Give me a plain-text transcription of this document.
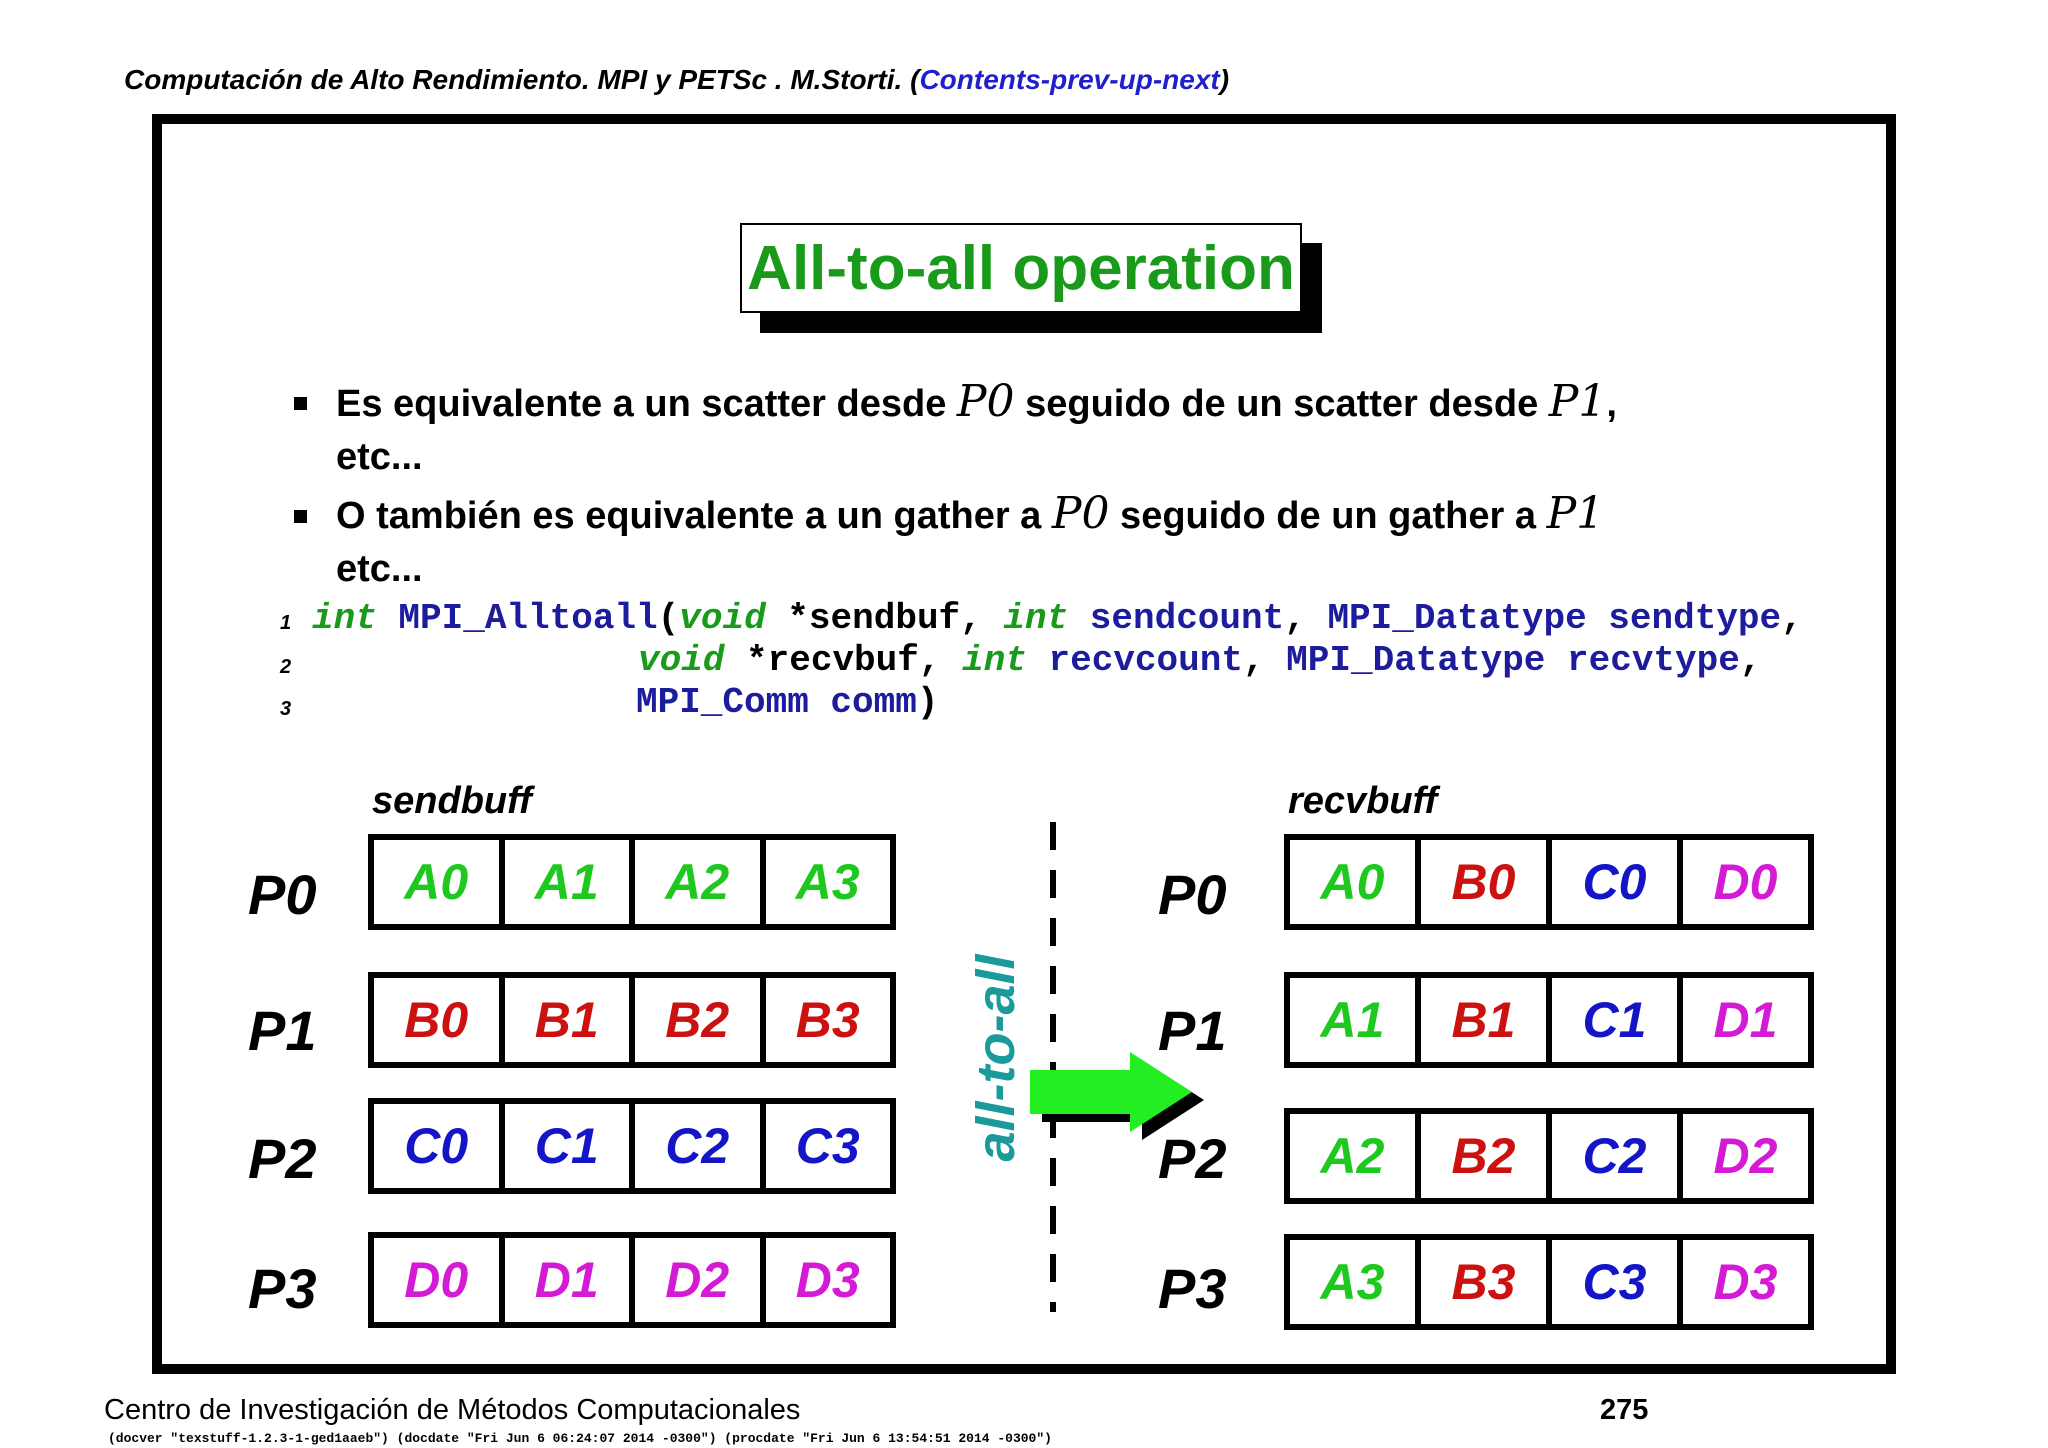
Computación de Alto Rendimiento. MPI y PETSc . M.Storti. (Contents-prev-up-next)
All-to-all operation
Es equivalente a un scatter desde P0 seguido de un scatter desde P1,
etc...
O también es equivalente a un gather a P0 seguido de un gather a P1
etc...
1
2
3
int MPI_Alltoall(void *sendbuf, int sendcount, MPI_Datatype sendtype,
void *recvbuf, int recvcount, MPI_Datatype recvtype,
MPI_Comm comm)
sendbuff	recvbuff
P0
P1
P2
P3
P0
P1
P2
P3
A0	A1	A2	A3
B0	B1	B2	B3
C0	C1	C2	C3
D0	D1	D2	D3
A0	B0	C0	D0
A1	B1	C1	D1
A2	B2	C2	D2
A3	B3	C3	D3
all-to-all
Centro de Investigación de Métodos Computacionales	275
(docver "texstuff-1.2.3-1-ged1aaeb") (docdate "Fri Jun 6 06:24:07 2014 -0300") (procdate "Fri Jun 6 13:54:51 2014 -0300")
